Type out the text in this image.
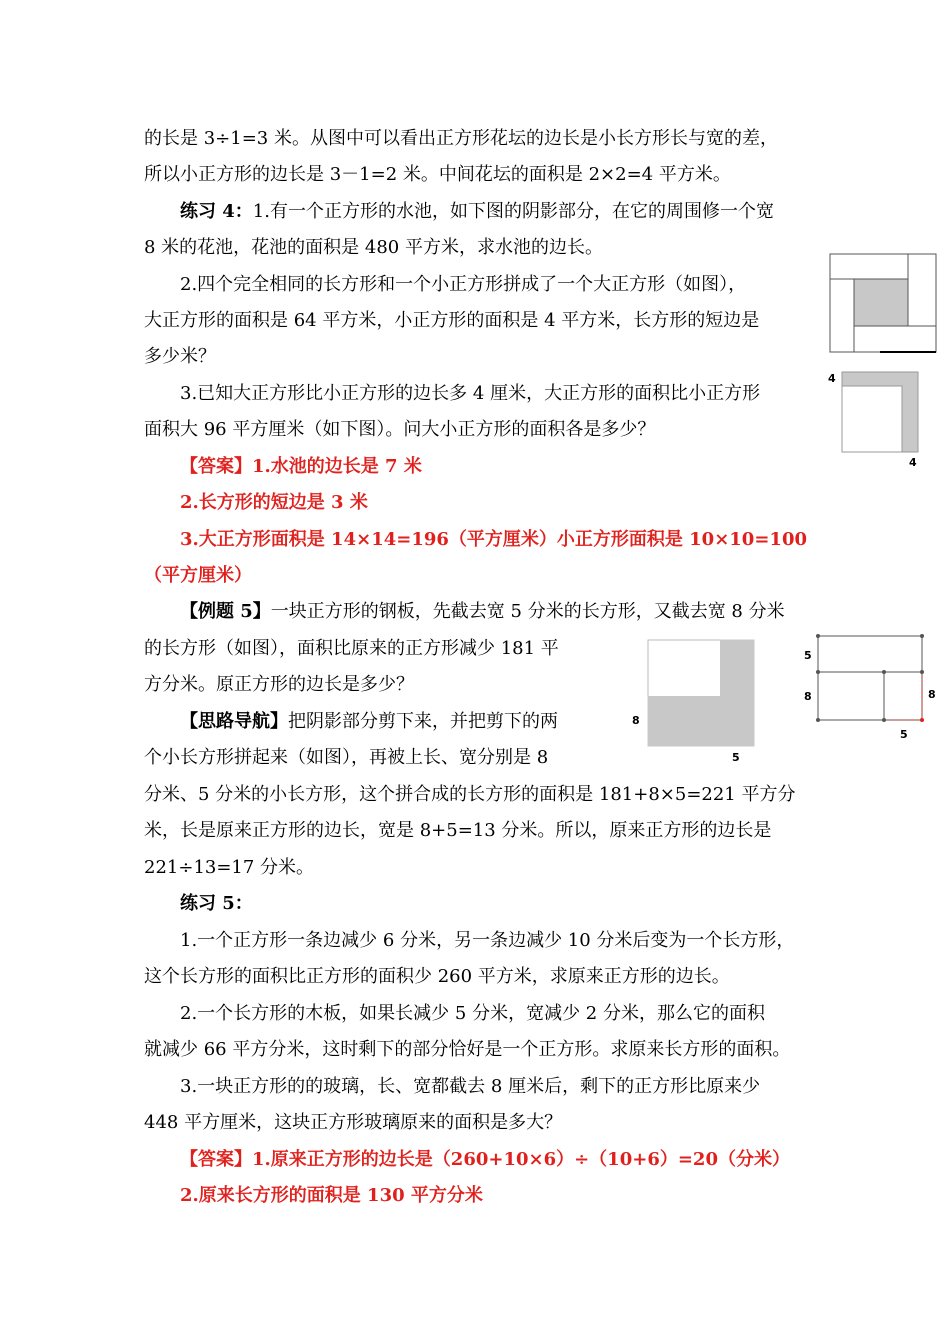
的长是 3÷1=3 米。从图中可以看出正方形花坛的边长是小长方形长与宽的差，

所以小正方形的边长是 3－1=2 米。中间花坛的面积是 2×2=4 平方米。

练习 4：1.有一个正方形的水池，如下图的阴影部分，在它的周围修一个宽

8 米的花池，花池的面积是 480 平方米，求水池的边长。

2.四个完全相同的长方形和一个小正方形拼成了一个大正方形（如图），

大正方形的面积是 64 平方米，小正方形的面积是 4 平方米，长方形的短边是

多少米？

3.已知大正方形比小正方形的边长多 4 厘米，大正方形的面积比小正方形

面积大 96 平方厘米（如下图）。问大小正方形的面积各是多少？

【答案】1.水池的边长是 7 米

2.长方形的短边是 3 米

3.大正方形面积是 14×14=196（平方厘米）小正方形面积是 10×10=100

（平方厘米）

【例题 5】一块正方形的钢板，先截去宽 5 分米的长方形，又截去宽 8 分米

的长方形（如图），面积比原来的正方形减少 181 平

方分米。原正方形的边长是多少？

【思路导航】把阴影部分剪下来，并把剪下的两

个小长方形拼起来（如图），再被上长、宽分别是 8

分米、5 分米的小长方形，这个拼合成的长方形的面积是 181+8×5=221 平方分

米，长是原来正方形的边长，宽是 8+5=13 分米。所以，原来正方形的边长是

221÷13=17 分米。

练习 5：

1.一个正方形一条边减少 6 分米，另一条边减少 10 分米后变为一个长方形，

这个长方形的面积比正方形的面积少 260 平方米，求原来正方形的边长。

2.一个长方形的木板，如果长减少 5 分米，宽减少 2 分米，那么它的面积

就减少 66 平方分米，这时剩下的部分恰好是一个正方形。求原来长方形的面积。

3.一块正方形的的玻璃，长、宽都截去 8 厘米后，剩下的正方形比原来少

448 平方厘米，这块正方形玻璃原来的面积是多大？

【答案】1.原来正方形的边长是（260+10×6）÷（10+6）=20（分米）

2.原来长方形的面积是 130 平方分米

4
4
8
5
5
8	8
5
